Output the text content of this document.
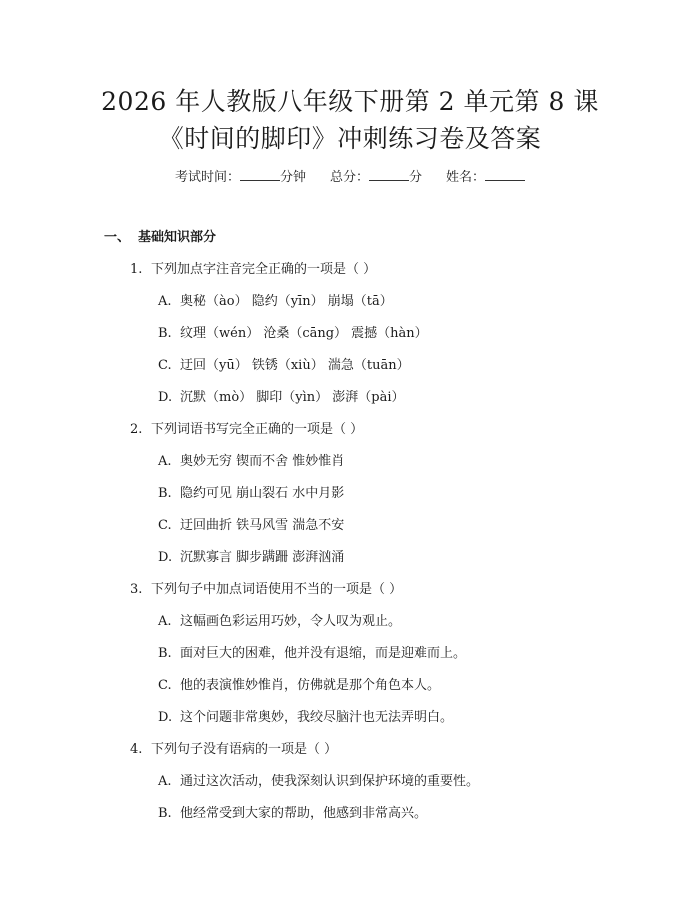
2026 年人教版八年级下册第 2 单元第 8 课
《时间的脚印》冲刺练习卷及答案
考试时间：	分钟 总分：	分 姓名：
一、 基础知识部分
1. 下列加点字注音完全正确的一项是（ ）
A. 奥秘（ào） 隐约（yīn） 崩塌（tā）
B. 纹理（wén） 沧桑（cāng） 震撼（hàn）
C. 迂回（yū） 铁锈（xiù） 湍急（tuān）
D. 沉默（mò） 脚印（yìn） 澎湃（pài）
2. 下列词语书写完全正确的一项是（ ）
A. 奥妙无穷 锲而不舍 惟妙惟肖
B. 隐约可见 崩山裂石 水中月影
C. 迂回曲折 铁马风雪 湍急不安
D. 沉默寡言 脚步蹒跚 澎湃汹涌
3. 下列句子中加点词语使用不当的一项是（ ）
A. 这幅画色彩运用巧妙，令人叹为观止。
B. 面对巨大的困难，他并没有退缩，而是迎难而上。
C. 他的表演惟妙惟肖，仿佛就是那个角色本人。
D. 这个问题非常奥妙，我绞尽脑汁也无法弄明白。
4. 下列句子没有语病的一项是（ ）
A. 通过这次活动，使我深刻认识到保护环境的重要性。
B. 他经常受到大家的帮助，他感到非常高兴。
